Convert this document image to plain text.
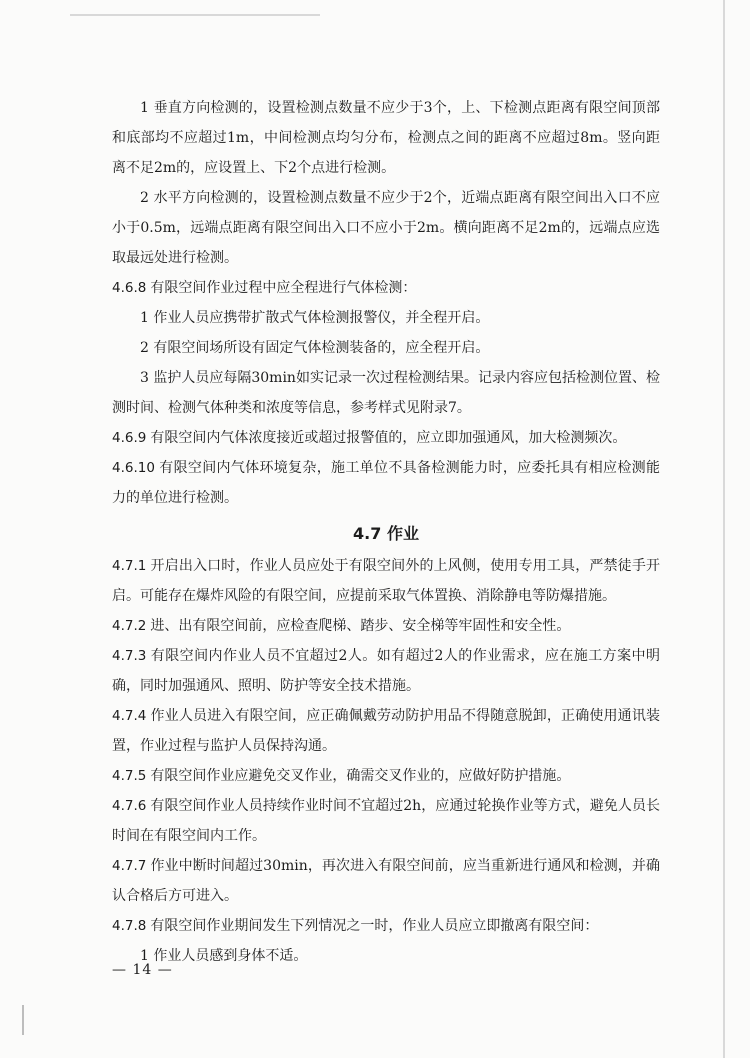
1 垂直方向检测的，设置检测点数量不应少于3个，上、下检测点距离有限空间顶部和底部均不应超过1m，中间检测点均匀分布，检测点之间的距离不应超过8m。竖向距离不足2m的，应设置上、下2个点进行检测。

2 水平方向检测的，设置检测点数量不应少于2个，近端点距离有限空间出入口不应小于0.5m，远端点距离有限空间出入口不应小于2m。横向距离不足2m的，远端点应选取最远处进行检测。

4.6.8 有限空间作业过程中应全程进行气体检测：

1 作业人员应携带扩散式气体检测报警仪，并全程开启。

2 有限空间场所设有固定气体检测装备的，应全程开启。

3 监护人员应每隔30min如实记录一次过程检测结果。记录内容应包括检测位置、检测时间、检测气体种类和浓度等信息，参考样式见附录7。

4.6.9 有限空间内气体浓度接近或超过报警值的，应立即加强通风，加大检测频次。

4.6.10 有限空间内气体环境复杂，施工单位不具备检测能力时，应委托具有相应检测能力的单位进行检测。

4.7 作业

4.7.1 开启出入口时，作业人员应处于有限空间外的上风侧，使用专用工具，严禁徒手开启。可能存在爆炸风险的有限空间，应提前采取气体置换、消除静电等防爆措施。

4.7.2 进、出有限空间前，应检查爬梯、踏步、安全梯等牢固性和安全性。

4.7.3 有限空间内作业人员不宜超过2人。如有超过2人的作业需求，应在施工方案中明确，同时加强通风、照明、防护等安全技术措施。

4.7.4 作业人员进入有限空间，应正确佩戴劳动防护用品不得随意脱卸，正确使用通讯装置，作业过程与监护人员保持沟通。

4.7.5 有限空间作业应避免交叉作业，确需交叉作业的，应做好防护措施。

4.7.6 有限空间作业人员持续作业时间不宜超过2h，应通过轮换作业等方式，避免人员长时间在有限空间内工作。

4.7.7 作业中断时间超过30min，再次进入有限空间前，应当重新进行通风和检测，并确认合格后方可进入。

4.7.8 有限空间作业期间发生下列情况之一时，作业人员应立即撤离有限空间：

1 作业人员感到身体不适。

— 14 —
